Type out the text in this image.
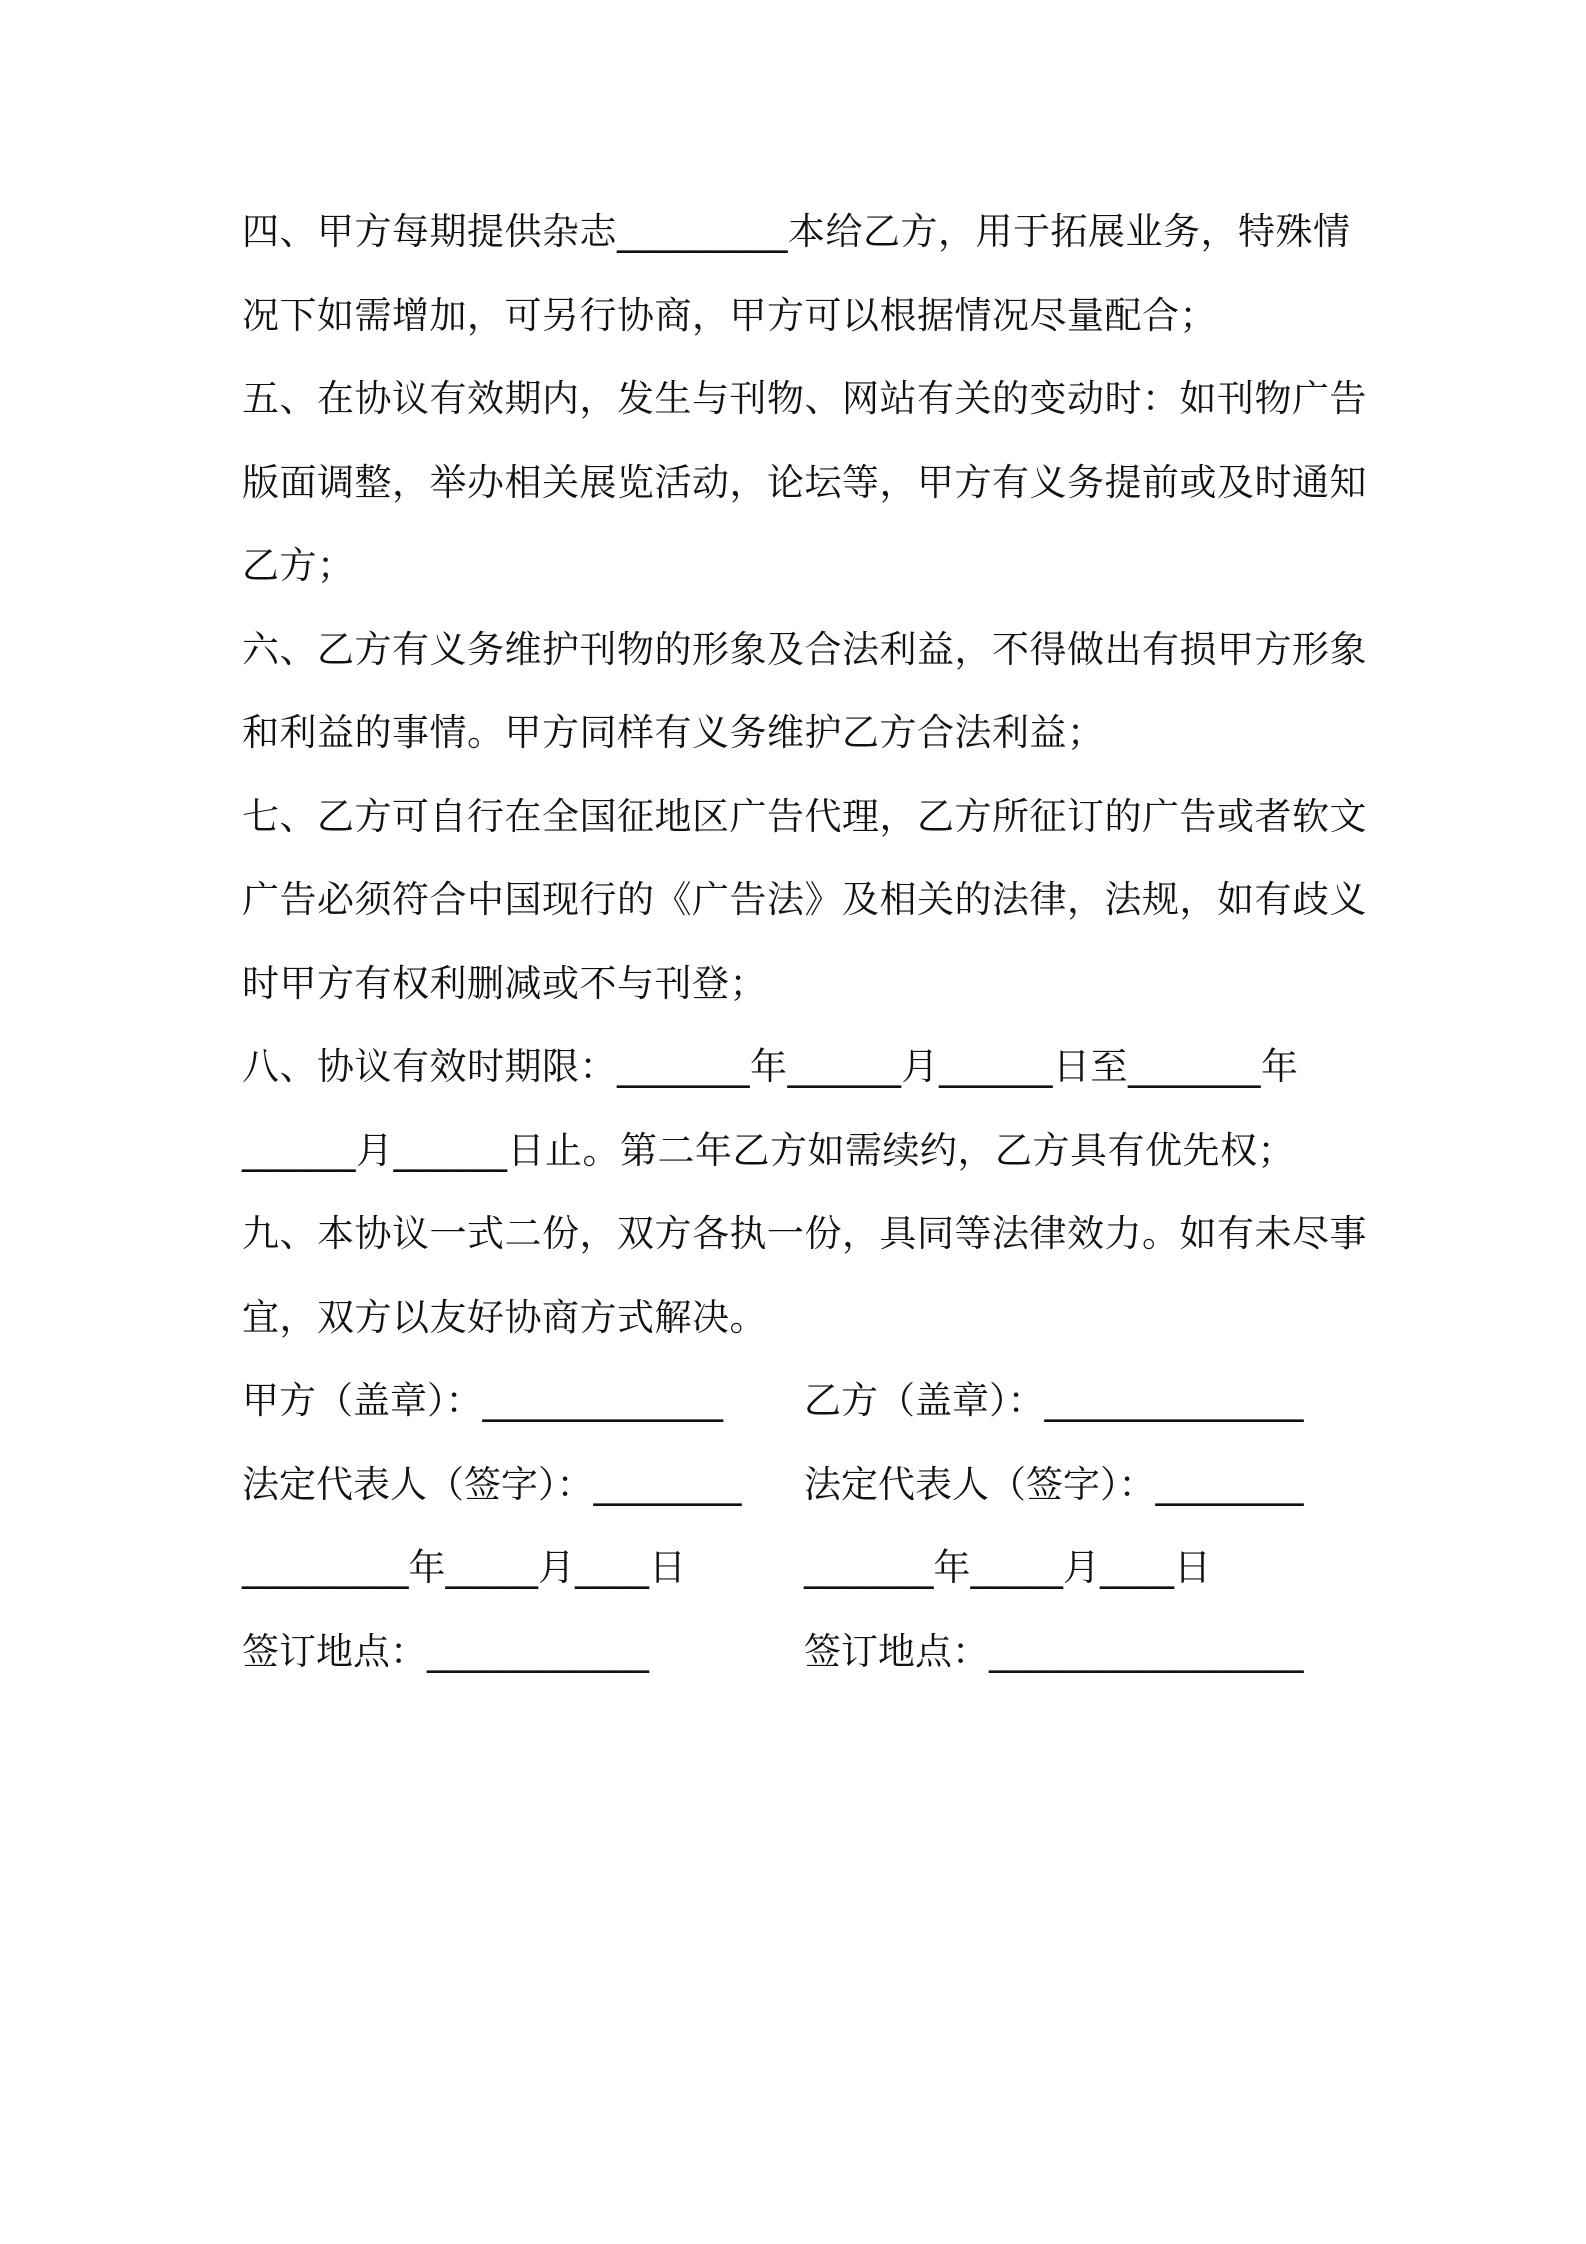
四、甲方每期提供杂志_________本给乙方，用于拓展业务，特殊情
况下如需增加，可另行协商，甲方可以根据情况尽量配合；
五、在协议有效期内，发生与刊物、网站有关的变动时：如刊物广告
版面调整，举办相关展览活动，论坛等，甲方有义务提前或及时通知
乙方；
六、乙方有义务维护刊物的形象及合法利益，不得做出有损甲方形象
和利益的事情。甲方同样有义务维护乙方合法利益；
七、乙方可自行在全国征地区广告代理，乙方所征订的广告或者软文
广告必须符合中国现行的《广告法》及相关的法律，法规，如有歧义
时甲方有权利删减或不与刊登；
八、协议有效时期限：_______年______月______日至_______年
______月______日止。第二年乙方如需续约，乙方具有优先权；
九、本协议一式二份，双方各执一份，具同等法律效力。如有未尽事
宜，双方以友好协商方式解决。
甲方（盖章）：_____________ 乙方（盖章）：______________
法定代表人（签字）：________ 法定代表人（签字）：________
_________年_____月____日	_______年_____月____日
签订地点：____________	签订地点：_________________
